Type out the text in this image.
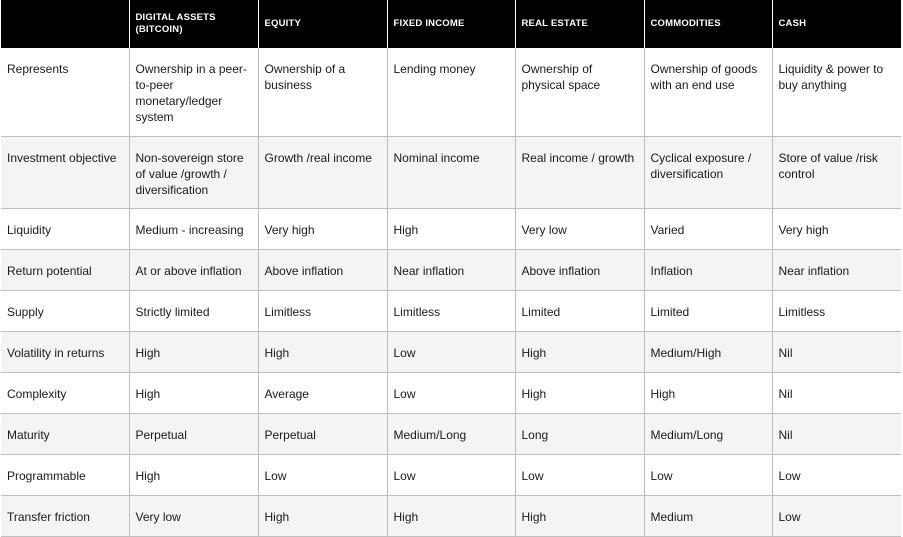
	DIGITAL ASSETS (BITCOIN)	EQUITY	FIXED INCOME	REAL ESTATE	COMMODITIES	CASH
Represents	Ownership in a peer-to-peer monetary/ledger system	Ownership of a business	Lending money	Ownership of physical space	Ownership of goods with an end use	Liquidity & power to buy anything
Investment objective	Non-sovereign store of value /growth / diversification	Growth /real income	Nominal income	Real income / growth	Cyclical exposure / diversification	Store of value /risk control
Liquidity	Medium - increasing	Very high	High	Very low	Varied	Very high
Return potential	At or above inflation	Above inflation	Near inflation	Above inflation	Inflation	Near inflation
Supply	Strictly limited	Limitless	Limitless	Limited	Limited	Limitless
Volatility in returns	High	High	Low	High	Medium/High	Nil
Complexity	High	Average	Low	High	High	Nil
Maturity	Perpetual	Perpetual	Medium/Long	Long	Medium/Long	Nil
Programmable	High	Low	Low	Low	Low	Low
Transfer friction	Very low	High	High	High	Medium	Low
